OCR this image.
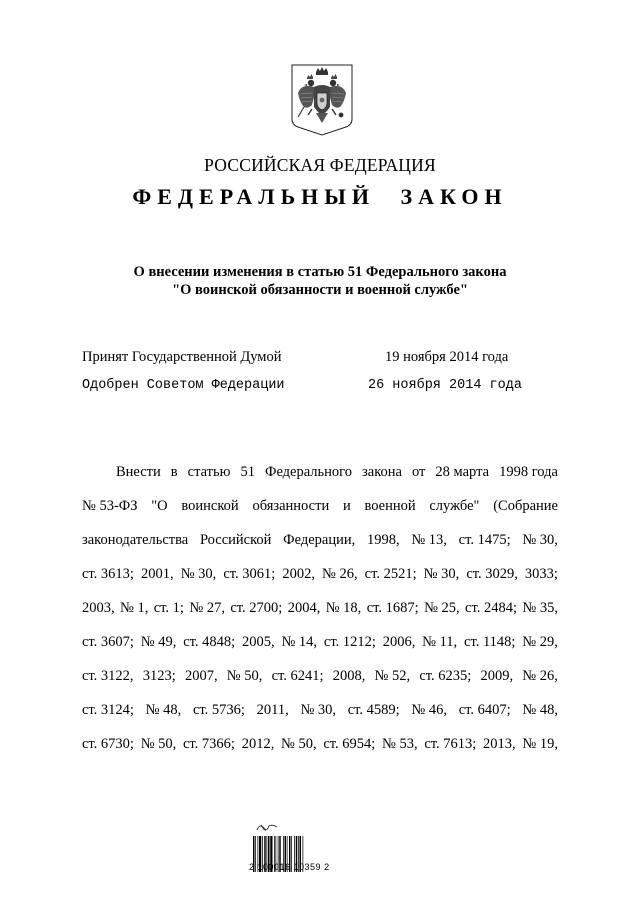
РОССИЙСКАЯ ФЕДЕРАЦИЯ
ФЕДЕРАЛЬНЫЙ ЗАКОН
О внесении изменения в статью 51 Федерального закона
"О воинской обязанности и военной службе"
Принят Государственной Думой	19 ноября 2014 года
Одобрен Советом Федерации	26 ноября 2014 года
Внести в статью 51 Федерального закона от 28 марта 1998 года
№ 53-ФЗ "О воинской обязанности и военной службе" (Собрание
законодательства Российской Федерации, 1998, № 13, ст. 1475; № 30,
ст. 3613; 2001, № 30, ст. 3061; 2002, № 26, ст. 2521; № 30, ст. 3029, 3033;
2003, № 1, ст. 1; № 27, ст. 2700; 2004, № 18, ст. 1687; № 25, ст. 2484; № 35,
ст. 3607; № 49, ст. 4848; 2005, № 14, ст. 1212; 2006, № 11, ст. 1148; № 29,
ст. 3122, 3123; 2007, № 50, ст. 6241; 2008, № 52, ст. 6235; 2009, № 26,
ст. 3124; № 48, ст. 5736; 2011, № 30, ст. 4589; № 46, ст. 6407; № 48,
ст. 6730; № 50, ст. 7366; 2012, № 50, ст. 6954; № 53, ст. 7613; 2013, № 19,
2 100016 10359 2
